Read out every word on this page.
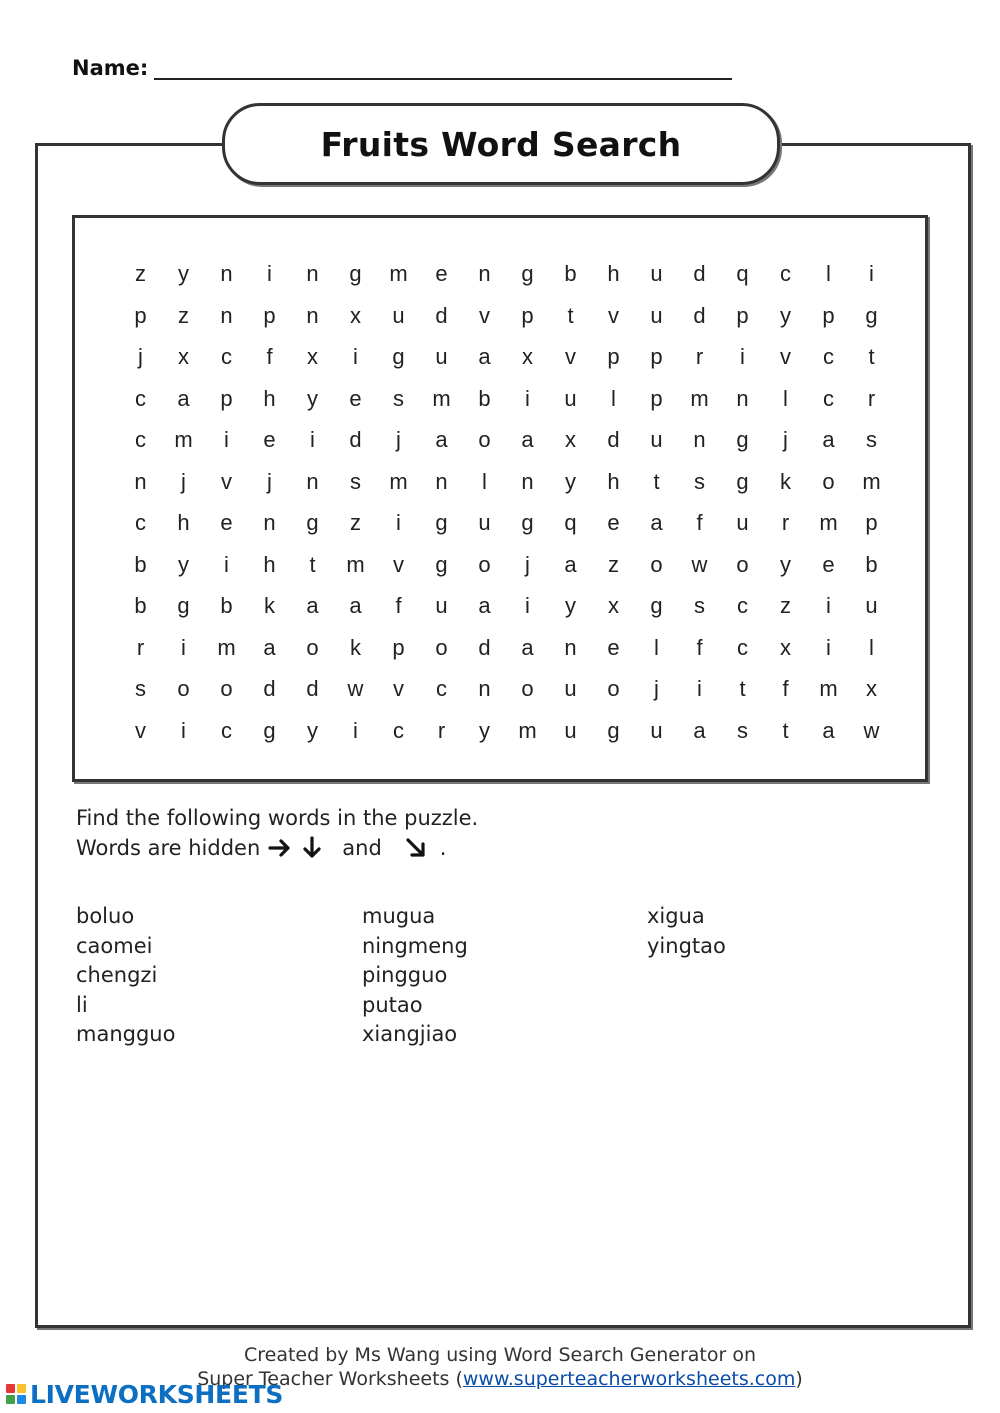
Name:
Fruits Word Search
z	y	n	i	n	g	m	e	n	g	b	h	u	d	q	c	l	i
p	z	n	p	n	x	u	d	v	p	t	v	u	d	p	y	p	g
j	x	c	f	x	i	g	u	a	x	v	p	p	r	i	v	c	t
c	a	p	h	y	e	s	m	b	i	u	l	p	m	n	l	c	r
c	m	i	e	i	d	j	a	o	a	x	d	u	n	g	j	a	s
n	j	v	j	n	s	m	n	l	n	y	h	t	s	g	k	o	m
c	h	e	n	g	z	i	g	u	g	q	e	a	f	u	r	m	p
b	y	i	h	t	m	v	g	o	j	a	z	o	w	o	y	e	b
b	g	b	k	a	a	f	u	a	i	y	x	g	s	c	z	i	u
r	i	m	a	o	k	p	o	d	a	n	e	l	f	c	x	i	l
s	o	o	d	d	w	v	c	n	o	u	o	j	i	t	f	m	x
v	i	c	g	y	i	c	r	y	m	u	g	u	a	s	t	a	w
Find the following words in the puzzle.
Words are hidden	and	.
boluo
caomei
chengzi
li
mangguo
mugua
ningmeng
pingguo
putao
xiangjiao
xigua
yingtao
Created by Ms Wang using Word Search Generator on
Super Teacher Worksheets (www.superteacherworksheets.com)
LIVEWORKSHEETS
